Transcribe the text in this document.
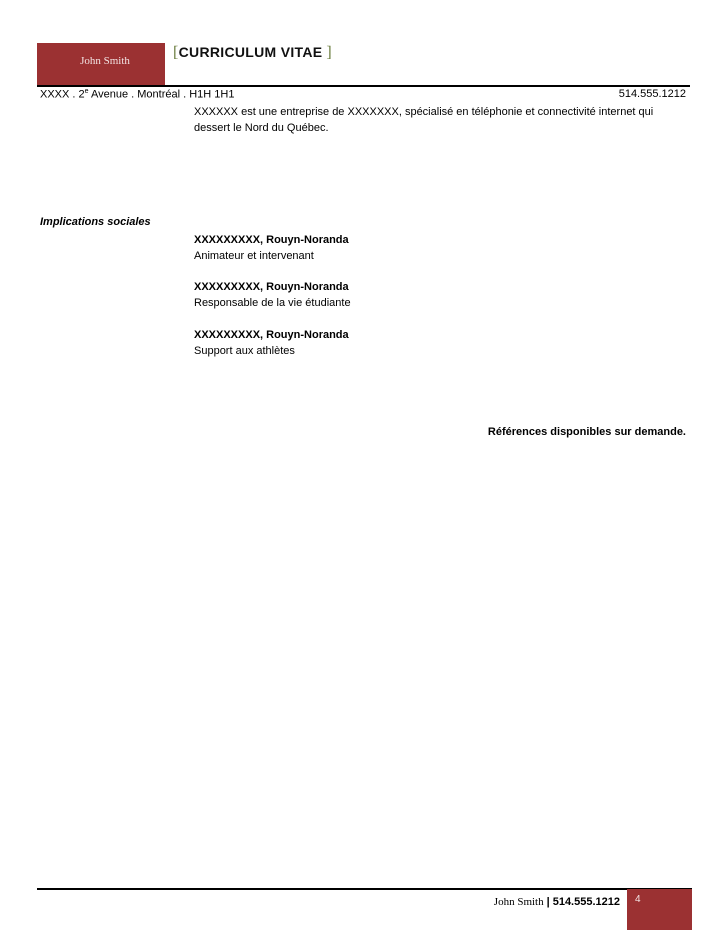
John Smith	[CURRICULUM VITAE ]
XXXX . 2e Avenue . Montréal . H1H 1H1	514.555.1212
XXXXXX est une entreprise de XXXXXXX, spécialisé en téléphonie et connectivité internet qui dessert le Nord du Québec.
Implications sociales
XXXXXXXXX, Rouyn-Noranda
Animateur et intervenant
XXXXXXXXX, Rouyn-Noranda
Responsable de la vie étudiante
XXXXXXXXX, Rouyn-Noranda
Support aux athlètes
Références disponibles sur demande.
John Smith | 514.555.1212 4
